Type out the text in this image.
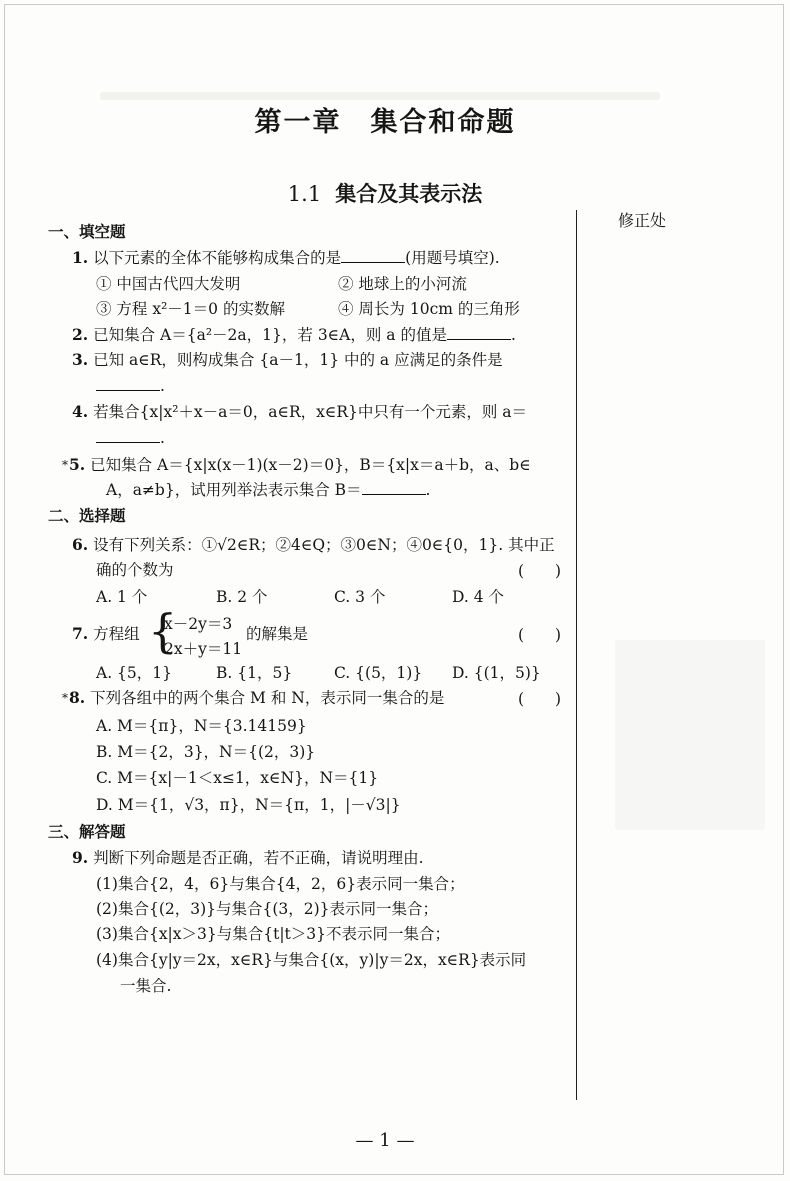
第一章　集合和命题
1.1 集合及其表示法
修正处
一、填空题
1. 以下元素的全体不能够构成集合的是	(用题号填空).
① 中国古代四大发明	② 地球上的小河流
③ 方程 x²－1＝0 的实数解	④ 周长为 10cm 的三角形
2. 已知集合 A＝{a²－2a，1}，若 3∈A，则 a 的值是	.
3. 已知 a∈R，则构成集合 {a－1，1} 中的 a 应满足的条件是
.
4. 若集合{x|x²＋x－a＝0，a∈R，x∈R}中只有一个元素，则 a＝
.
*5. 已知集合 A＝{x|x(x－1)(x－2)＝0}，B＝{x|x＝a＋b，a、b∈
A，a≠b}，试用列举法表示集合 B＝	.
二、选择题
6. 设有下列关系：①√2∈R；②4∈Q；③0∈N；④0∈{0，1}. 其中正
确的个数为	(　　)
A. 1 个	B. 2 个	C. 3 个	D. 4 个
7. 方程组 {
x－2y＝3
2x＋y＝11
的解集是	(　　)
A. {5，1}	B. {1，5}	C. {(5，1)} D. {(1，5)}
*8. 下列各组中的两个集合 M 和 N，表示同一集合的是	(　　)
A. M＝{π}，N＝{3.14159}
B. M＝{2，3}，N＝{(2，3)}
C. M＝{x|－1＜x≤1，x∈N}，N＝{1}
D. M＝{1，√3，π}，N＝{π，1，|－√3|}
三、解答题
9. 判断下列命题是否正确，若不正确，请说明理由.
(1)集合{2，4，6}与集合{4，2，6}表示同一集合；
(2)集合{(2，3)}与集合{(3，2)}表示同一集合；
(3)集合{x|x＞3}与集合{t|t＞3}不表示同一集合；
(4)集合{y|y＝2x，x∈R}与集合{(x，y)|y＝2x，x∈R}表示同
一集合.
— 1 —
